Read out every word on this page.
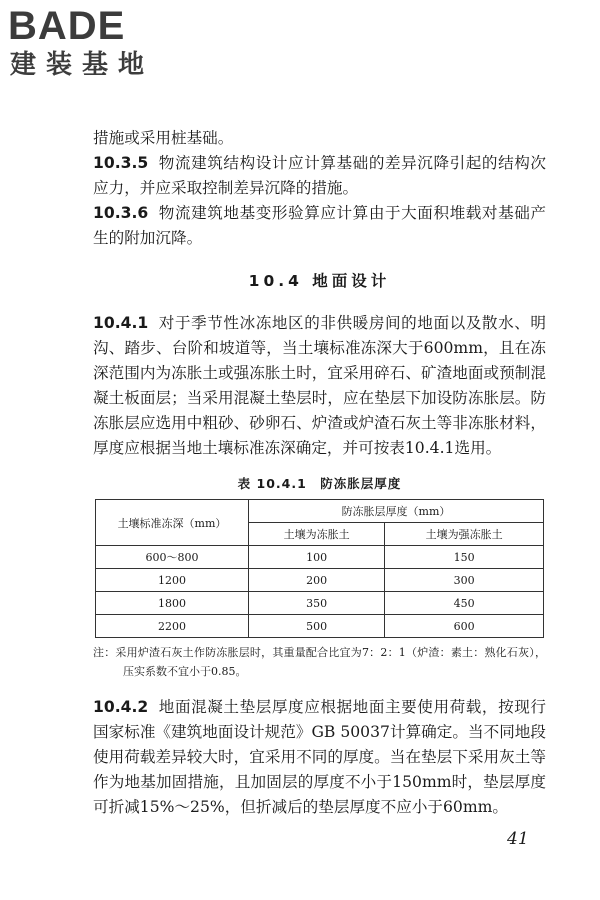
BADE
建装基地

措施或采用桩基础。

10.3.5 物流建筑结构设计应计算基础的差异沉降引起的结构次应力，并应采取控制差异沉降的措施。

10.3.6 物流建筑地基变形验算应计算由于大面积堆载对基础产生的附加沉降。

10.4 地面设计

10.4.1 对于季节性冰冻地区的非供暖房间的地面以及散水、明沟、踏步、台阶和坡道等，当土壤标准冻深大于600mm，且在冻深范围内为冻胀土或强冻胀土时，宜采用碎石、矿渣地面或预制混凝土板面层；当采用混凝土垫层时，应在垫层下加设防冻胀层。防冻胀层应选用中粗砂、砂卵石、炉渣或炉渣石灰土等非冻胀材料，厚度应根据当地土壤标准冻深确定，并可按表10.4.1选用。

表 10.4.1　防冻胀层厚度
土壤标准冻深（mm）	防冻胀层厚度（mm）	
	土壤为冻胀土	土壤为强冻胀土
600～800	100	150
1200	200	300
1800	350	450
2200	500	600

注：采用炉渣石灰土作防冻胀层时，其重量配合比宜为7：2：1（炉渣：素土：熟化石灰），压实系数不宜小于0.85。

10.4.2 地面混凝土垫层厚度应根据地面主要使用荷载，按现行国家标准《建筑地面设计规范》GB 50037计算确定。当不同地段使用荷载差异较大时，宜采用不同的厚度。当在垫层下采用灰土等作为地基加固措施，且加固层的厚度不小于150mm时，垫层厚度可折减15%～25%，但折减后的垫层厚度不应小于60mm。

41
